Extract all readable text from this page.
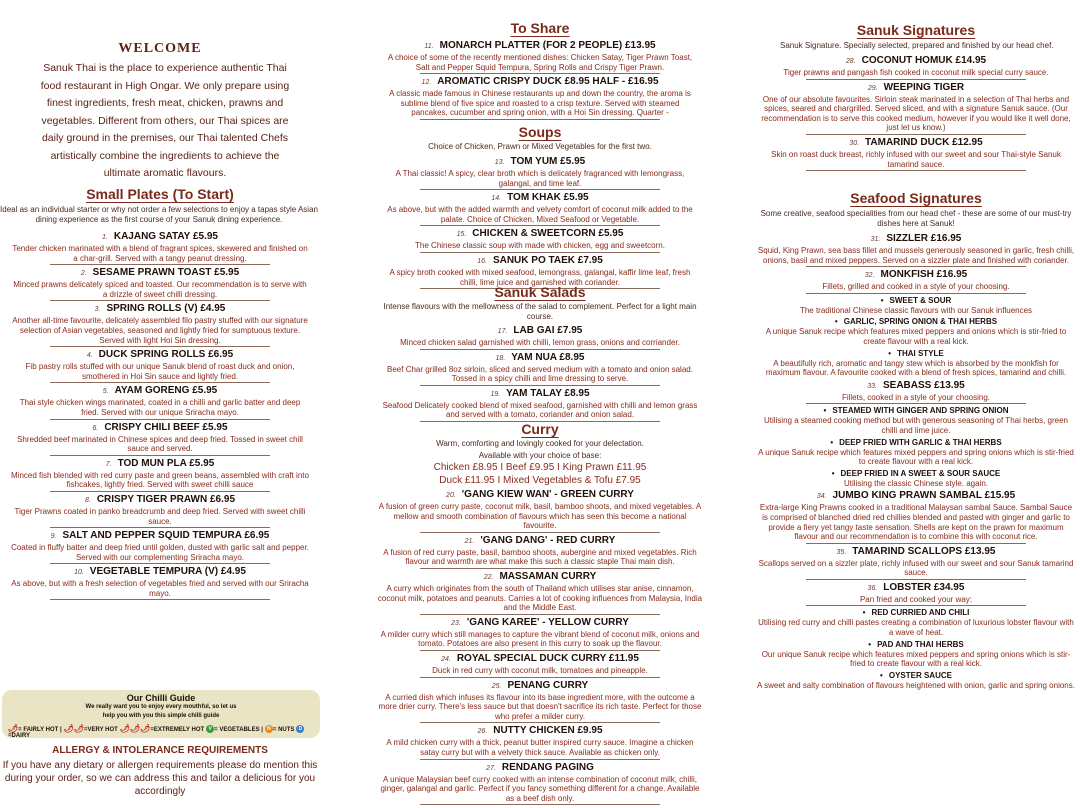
WELCOME
Sanuk Thai is the place to experience authentic Thai food restaurant in High Ongar. We only prepare using finest ingredients, fresh meat, chicken, prawns and vegetables. Different from others, our Thai spices are daily ground in the premises, our Thai talented Chefs artistically combine the ingredients to achieve the ultimate aromatic flavours.
Small Plates (To Start)
Ideal as an individual starter or why not order a few selections to enjoy a tapas style Asian dining experience as the first course of your Sanuk dining experience.
1. KAJANG SATAY £5.95
Tender chicken marinated with a blend of fragrant spices, skewered and finished on a char-grill. Served with a tangy peanut dressing.
2. SESAME PRAWN TOAST £5.95
Minced prawns delicately spiced and toasted. Our recommendation is to serve with a drizzle of sweet chilli dressing.
3. SPRING ROLLS (V) £4.95
Another all-time favourite, delicately assembled filo pastry stuffed with our signature selection of Asian vegetables, seasoned and lightly fried for sumptuous texture. Served with light Hoi Sin dressing.
4. DUCK SPRING ROLLS £6.95
Fib pastry rolls stuffed with our unique Sanuk blend of roast duck and onion, smothered in Hoi Sin sauce and lightly fried.
5. AYAM GORENG £5.95
Thai style chicken wings marinated, coated in a chilli and garlic batter and deep fried. Served with our unique Sriracha mayo.
6. CRISPY CHILI BEEF £5.95
Shredded beef marinated in Chinese spices and deep fried. Tossed in sweet chill sauce and served.
7. TOD MUN PLA £5.95
Minced fish blended with red curry paste and green beans, assembled with craft into fishcakes, lightly fried. Served with sweet chilli sauce
8. CRISPY TIGER PRAWN £6.95
Tiger Prawns coated in panko breadcrumb and deep fried. Served with sweet chilli sauce.
9. SALT AND PEPPER SQUID TEMPURA £6.95
Coated in fluffy batter and deep fried until golden, dusted with garlic salt and pepper. Served with our complementing Sriracha mayo.
10. VEGETABLE TEMPURA (V) £4.95
As above, but with a fresh selection of vegetables fried and served with our Sriracha mayo.
Our Chilli Guide
We really want you to enjoy every mouthful, so let us
help you with you this simple chilli guide
🌶= FAIRLY HOT | 🌶🌶=VERY HOT 🌶🌶🌶=EXTREMELY HOT V = VEGETABLES | N = NUTS D=DAIRY
ALLERGY & INTOLERANCE REQUIREMENTS
If you have any dietary or allergen requirements please do mention this during your order, so we can address this and tailor a delicious for you accordingly
To Share
11. MONARCH PLATTER (FOR 2 PEOPLE) £13.95
A choice of some of the recently mentioned dishes: Chicken Satay, Tiger Prawn Toast, Salt and Pepper Squid Tempura, Spring Rolls and Crispy Tiger Prawn.
12. AROMATIC CRISPY DUCK £8.95 HALF - £16.95
A classic made famous in Chinese restaurants up and down the country, the aroma is sublime blend of five spice and roasted to a crisp texture. Served with steamed pancakes, cucumber and spring onion, with a Hoi Sin dressing. Quarter -
Soups
Choice of Chicken, Prawn or Mixed Vegetables for the first two.
13. TOM YUM £5.95
A Thai classic! A spicy, clear broth which is delicately fragranced with lemongrass, galangal, and time leaf.
14. TOM KHAK £5.95
As above, but with the added warmth and velvety comfort of coconut milk added to the palate. Choice of Chicken, Mixed Seafood or Vegetable.
15. CHICKEN & SWEETCORN £5.95
The Chinese classic soup with made with chicken, egg and sweetcorn.
16. SANUK PO TAEK £7.95
A spicy broth cooked with mixed seafood, lemongrass, galangal, kaffir lime leaf, fresh chilli, lime juice and garnished with coriander.
Sanuk Salads
Intense flavours with the mellowness of the salad to complement. Perfect for a light main course.
17. LAB GAI £7.95
Minced chicken salad garnished with chilli, lemon grass, onions and corriander.
18. YAM NUA £8.95
Beef Char grilled 8oz sirloin, sliced and served medium with a tomato and onion salad. Tossed in a spicy chilli and lime dressing to serve.
19. YAM TALAY £8.95
Seafood Delicately cooked blend of mixed seafood, garnished with chilli and lemon grass and served with a tomato, coriander and onion salad.
Curry
Warm, comforting and lovingly cooked for your delectation.
Available with your choice of base:
Chicken £8.95 I Beef £9.95 I King Prawn £11.95
Duck £11.95 I Mixed Vegetables & Tofu £7.95
20. 'GANG KIEW WAN' - GREEN CURRY
A fusion of green curry paste, coconut milk, basil, bamboo shoots, and mixed vegetables. A mellow and smooth combination of flavours which has seen this become a national favourite.
21. 'GANG DANG' - RED CURRY
A fusion of red curry paste, basil, bamboo shoots, aubergine and mixed vegetables. Rich flavour and warmth are what make this such a classic staple Thai main dish.
22. MASSAMAN CURRY
A curry which originates from the south of Thailand which utilises star anise, cinnamon, coconut milk, potatoes and peanuts. Carries a lot of cooking influences from Malaysia, India and the Middle East.
23. 'GANG KAREE' - YELLOW CURRY
A milder curry which still manages to capture the vibrant blend of coconut milk, onions and tomato. Potatoes are also present in this curry to soak up the flavour.
24. ROYAL SPECIAL DUCK CURRY £11.95
Duck in red curry with coconut milk, tomatoes and pineapple.
25. PENANG CURRY
A curried dish which infuses its flavour into its base ingredient more, with the outcome a more drier curry. There's less sauce but that doesn't sacrifice its rich taste. Perfect for those who prefer a milder curry.
26. NUTTY CHICKEN £9.95
A mild chicken curry with a thick, peanut butter inspired curry sauce. Imagine a chicken satay curry but with a velvety thick sauce. Available as chicken only.
27. RENDANG PAGING
A unique Malaysian beef curry cooked with an intense combination of coconut milk, chilli, ginger, galangal and garlic. Perfect if you fancy something different for a change. Available as a beef dish only.
Sanuk Signatures
Sanuk Signature. Specially selected, prepared and finished by our head chef.
28. COCONUT HOMUK £14.95
Tiger prawns and pangash fish cooked in coconut milk special curry sauce.
29. WEEPING TIGER
One of our absolute favourites. Sirloin steak marinated in a selection of Thai herbs and spices, seared and chargrilled. Served sliced, and with a signature Sanuk sauce. (Our recommendation is to serve this cooked medium, however if you would like it well done, just let us know.)
30. TAMARIND DUCK £12.95
Skin on roast duck breast, richly infused with our sweet and sour Thai-style Sanuk tamarind sauce.
Seafood Signatures
Some creative, seafood specialities from our head chef - these are some of our must-try dishes here at Sanuk!
31. SIZZLER £16.95
Squid, King Prawn, sea bass fillet and mussels generously seasoned in garlic, fresh chilli, onions, basil and mixed peppers. Served on a sizzler plate and finished with coriander.
32. MONKFISH £16.95
Fillets, grilled and cooked in a style of your choosing.
• SWEET & SOUR
The traditional Chinese classic flavours with our Sanuk influences
• GARLIC, SPRING ONION & THAI HERBS
A unique Sanuk recipe which features mixed peppers and onions which is stir-fried to create flavour with a real kick.
• THAI STYLE
A beautifully rich, aromatic and tangy stew which is absorbed by the monkfish for maximum flavour. A favourite cooked with a blend of fresh spices, tamarind and chilli.
33. SEABASS £13.95
Fillets, cooked in a style of your choosing.
• STEAMED WITH GINGER AND SPRING ONION
Utilising a steamed cooking method but with generous seasoning of Thai herbs, green chilli and lime juice.
• DEEP FRIED WITH GARLIC & THAI HERBS
A unique Sanuk recipe which features mixed peppers and spring onions which is stir-fried to create flavour with a real kick.
• DEEP FRIED IN A SWEET & SOUR SAUCE
Utilising the classic Chinese style. again.
34. JUMBO KING PRAWN SAMBAL £15.95
Extra-large King Prawns cooked in a traditional Malaysan sambal Sauce. Sambal Sauce is comprised of blanched dried red chillies blended and pasted with ginger and garlic to provide a fiery yet tangy taste sensation. Shells are kept on the prawn for maximum flavour and our recommendation is to combine this with coconut rice.
35. TAMARIND SCALLOPS £13.95
Scallops served on a sizzler plate, richly infused with our sweet and sour Sanuk tamarind sauce.
36. LOBSTER £34.95
Pan fried and cooked your way:
• RED CURRIED AND CHILI
Utilising red curry and chilli pastes creating a combination of luxurious lobster flavour with a wave of heat.
• PAD AND THAI HERBS
Our unique Sanuk recipe which features mixed peppers and spring onions which is stir-fried to create flavour with a real kick.
• OYSTER SAUCE
A sweet and salty combination of flavours heightened with onion, garlic and spring onions.
